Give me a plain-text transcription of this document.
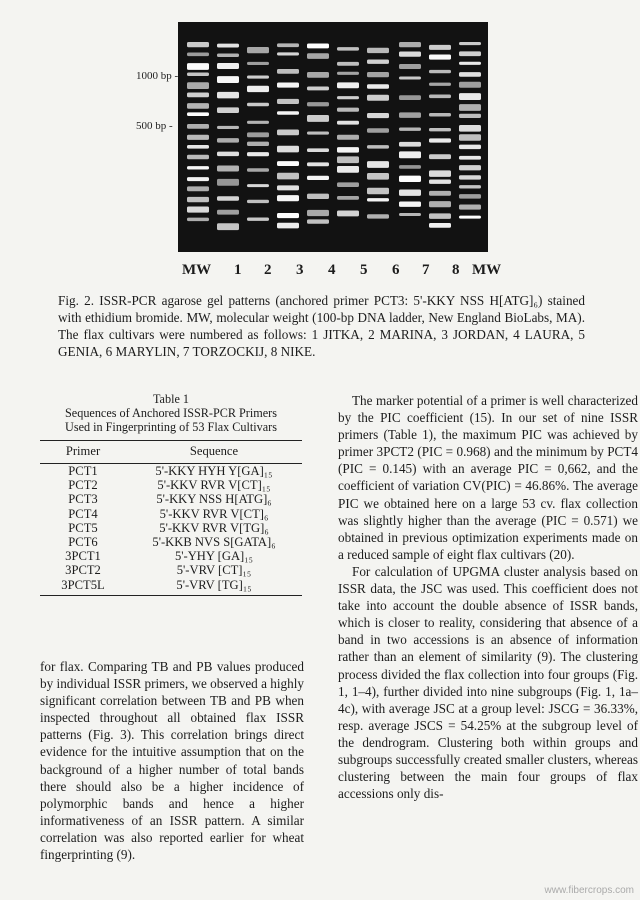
1000 bp -
500 bp -
MW 1 2 3 4 5 6 7 8 MW
Fig. 2. ISSR-PCR agarose gel patterns (anchored primer PCT3: 5'-KKY NSS H[ATG]₆) stained with ethidium bromide. MW, molecular weight (100-bp DNA ladder, New England BioLabs, MA). The flax cultivars were numbered as follows: 1 JITKA, 2 MARINA, 3 JORDAN, 4 LAURA, 5 GENIA, 6 MARYLIN, 7 TORZOCKIJ, 8 NIKE.
Table 1
Sequences of Anchored ISSR-PCR Primers
Used in Fingerprinting of 53 Flax Cultivars
Primer	Sequence
PCT1	5'-KKY HYH Y[GA]₁₅
PCT2	5'-KKV RVR V[CT]₁₅
PCT3	5'-KKY NSS H[ATG]₆
PCT4	5'-KKV RVR V[CT]₆
PCT5	5'-KKV RVR V[TG]₆
PCT6	5'-KKB NVS S[GATA]₆
3PCT1	5'-YHY [GA]₁₅
3PCT2	5'-VRV [CT]₁₅
3PCT5L	5'-VRV [TG]₁₅

for flax. Comparing TB and PB values produced by individual ISSR primers, we observed a highly significant correlation between TB and PB when inspected throughout all obtained flax ISSR patterns (Fig. 3). This correlation brings direct evidence for the intuitive assumption that on the background of a higher number of total bands there should also be a higher incidence of polymorphic bands and hence a higher informativeness of an ISSR pattern. A similar correlation was also reported earlier for wheat fingerprinting (9).

The marker potential of a primer is well characterized by the PIC coefficient (15). In our set of nine ISSR primers (Table 1), the maximum PIC was achieved by primer 3PCT2 (PIC = 0.968) and the minimum by PCT4 (PIC = 0.145) with an average PIC = 0,662, and the coefficient of variation CV(PIC) = 46.86%. The average PIC we obtained here on a large 53 cv. flax collection was slightly higher than the average (PIC = 0.571) we obtained in previous optimization experiments made on a reduced sample of eight flax cultivars (20).

For calculation of UPGMA cluster analysis based on ISSR data, the JSC was used. This coefficient does not take into account the double absence of ISSR bands, which is closer to reality, considering that absence of a band in two accessions is an absence of information rather than an element of similarity (9). The clustering process divided the flax collection into four groups (Fig. 1, 1–4), further divided into nine subgroups (Fig. 1, 1a–4c), with average JSC at a group level: JSCG = 36.33%, resp. average JSCS = 54.25% at the subgroup level of the dendrogram. Clustering both within groups and subgroups successfully created smaller clusters, whereas clustering between the main four groups of flax accessions only dis-

www.fibercrops.com
